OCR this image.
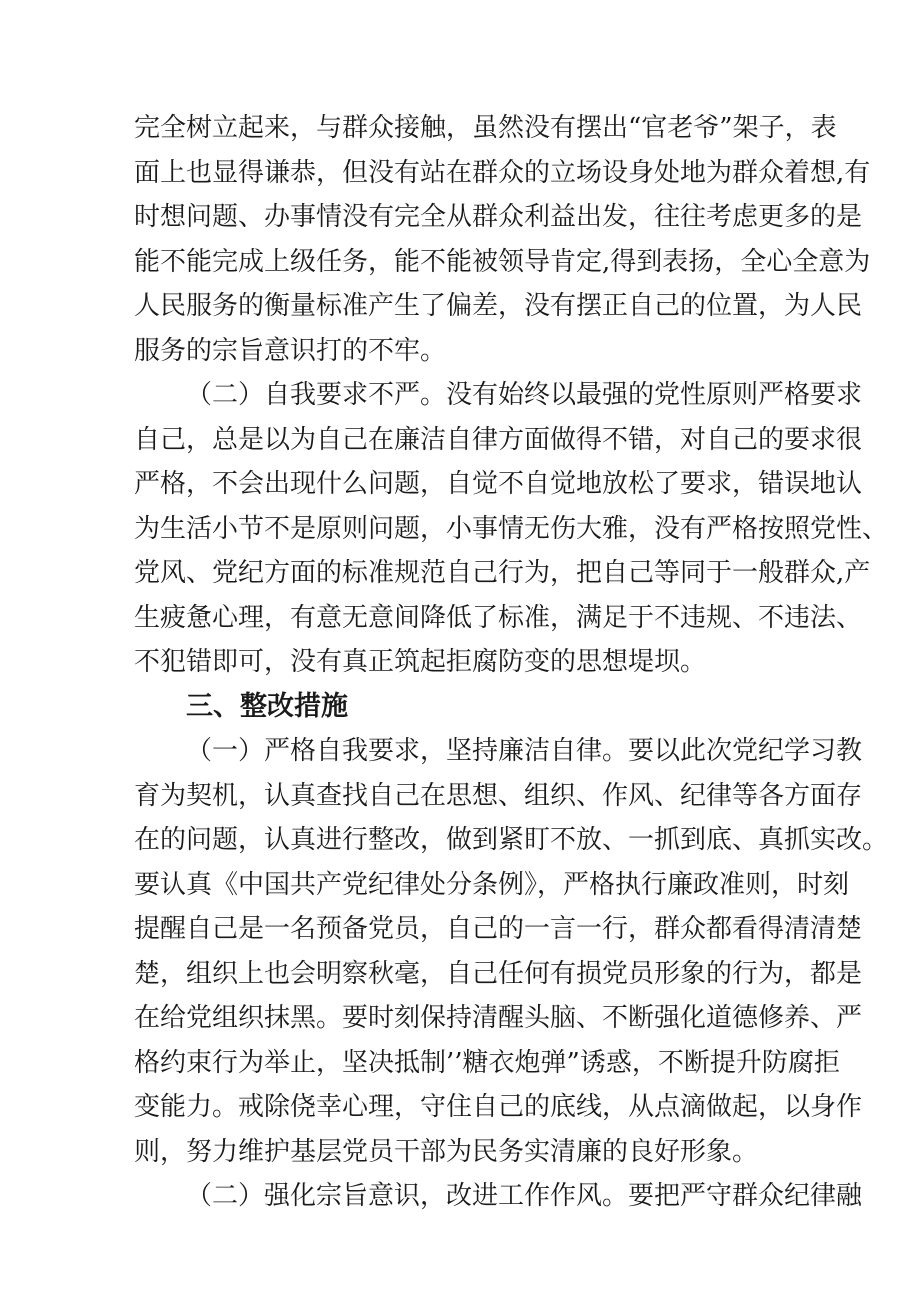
完全树立起来，与群众接触，虽然没有摆出“官老爷”架子，表
面上也显得谦恭，但没有站在群众的立场设身处地为群众着想,有
时想问题、办事情没有完全从群众利益出发，往往考虑更多的是
能不能完成上级任务，能不能被领导肯定,得到表扬，全心全意为
人民服务的衡量标准产生了偏差，没有摆正自己的位置，为人民
服务的宗旨意识打的不牢。
（二）自我要求不严。没有始终以最强的党性原则严格要求
自己，总是以为自己在廉洁自律方面做得不错，对自己的要求很
严格，不会出现什么问题，自觉不自觉地放松了要求，错误地认
为生活小节不是原则问题，小事情无伤大雅，没有严格按照党性、
党风、党纪方面的标准规范自己行为，把自己等同于一般群众,产
生疲惫心理，有意无意间降低了标准，满足于不违规、不违法、
不犯错即可，没有真正筑起拒腐防变的思想堤坝。
三、整改措施
（一）严格自我要求，坚持廉洁自律。要以此次党纪学习教
育为契机，认真查找自己在思想、组织、作风、纪律等各方面存
在的问题，认真进行整改，做到紧盯不放、一抓到底、真抓实改。
要认真《中国共产党纪律处分条例》，严格执行廉政准则，时刻
提醒自己是一名预备党员，自己的一言一行，群众都看得清清楚
楚，组织上也会明察秋毫，自己任何有损党员形象的行为，都是
在给党组织抹黑。要时刻保持清醒头脑、不断强化道德修养、严
格约束行为举止，坚决抵制’’糖衣炮弹”诱惑，不断提升防腐拒
变能力。戒除侥幸心理，守住自己的底线，从点滴做起，以身作
则，努力维护基层党员干部为民务实清廉的良好形象。
（二）强化宗旨意识，改进工作作风。要把严守群众纪律融
